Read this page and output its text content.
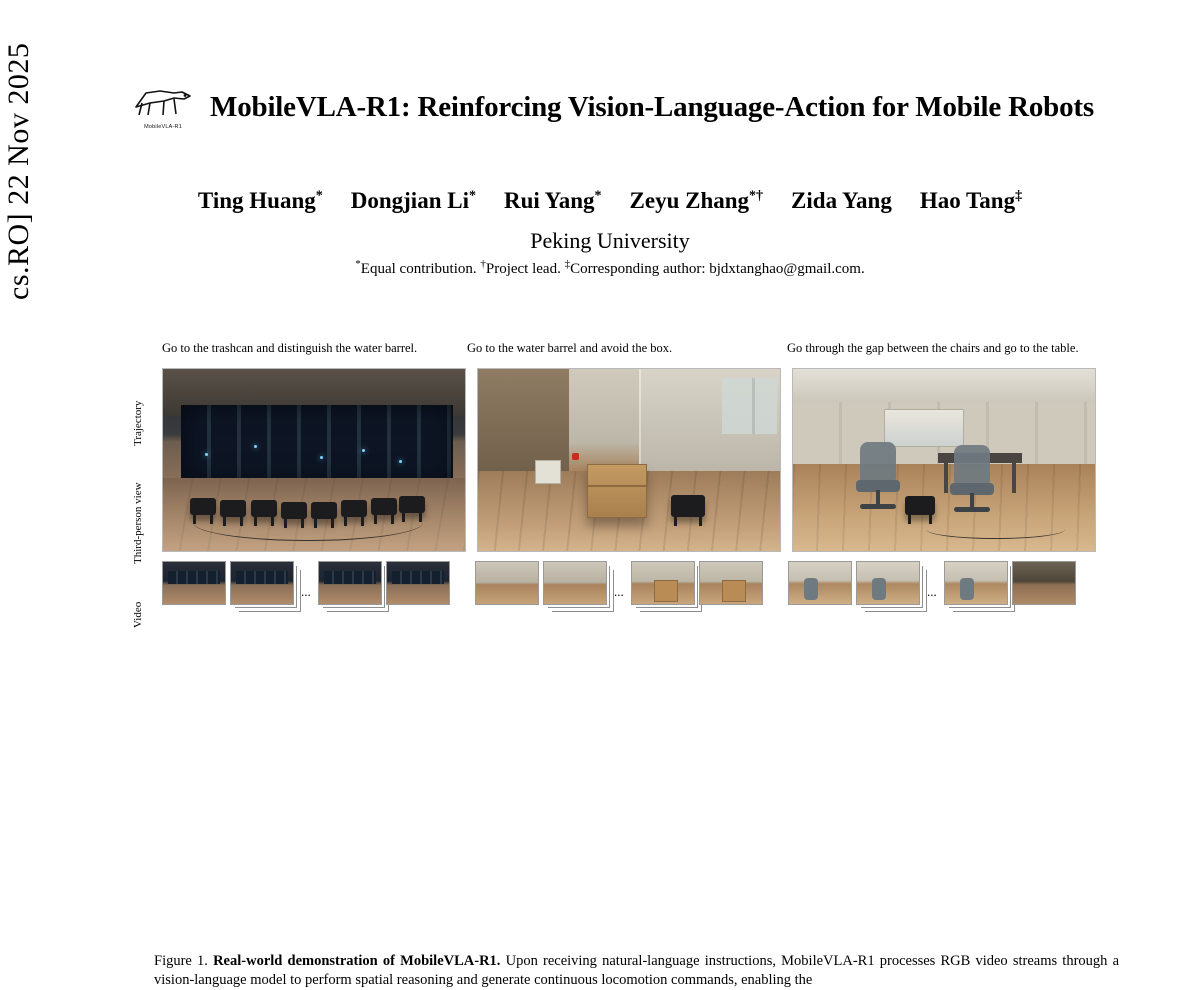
cs.RO] 22 Nov 2025	MobileVLA-R1
MobileVLA-R1: Reinforcing Vision-Language-Action for Mobile Robots
Ting Huang* Dongjian Li* Rui Yang* Zeyu Zhang*† Zida Yang Hao Tang‡
Peking University
*Equal contribution. †Project lead. ‡Corresponding author: bjdxtanghao@gmail.com.
Go to the trashcan and distinguish the water barrel.	Go to the water barrel and avoid the box.	Go through the gap between the chairs and go to the table.
Trajectory
Third-person view
Video
...	...	...
Figure 1. Real-world demonstration of MobileVLA-R1. Upon receiving natural-language instructions, MobileVLA-R1 processes RGB video streams through a vision-language model to perform spatial reasoning and generate continuous locomotion commands, enabling the
